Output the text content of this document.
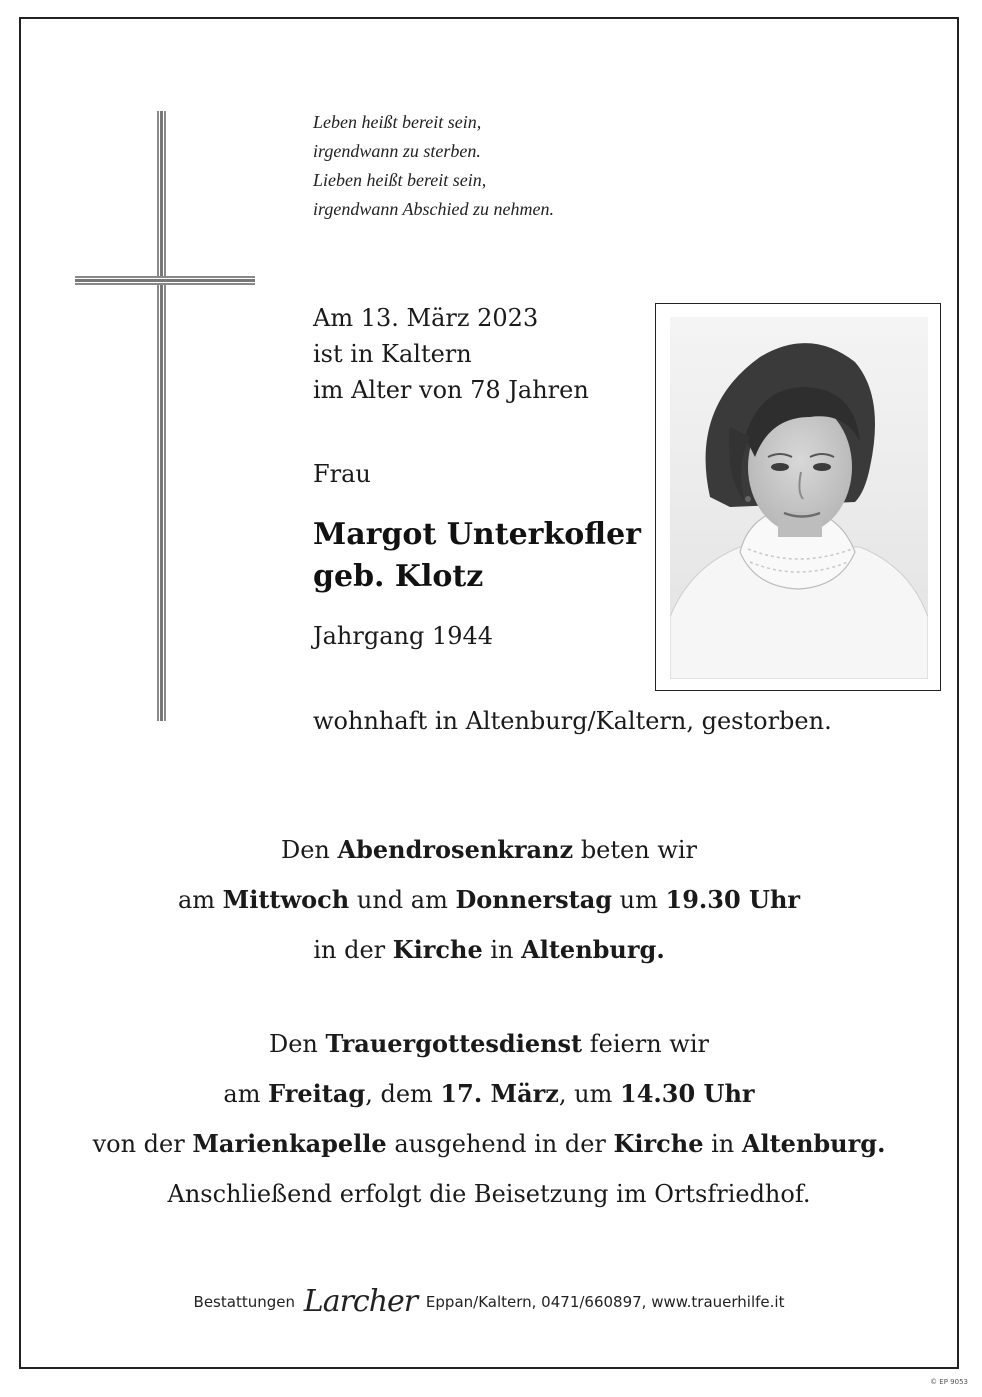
Leben heißt bereit sein,
irgendwann zu sterben.
Lieben heißt bereit sein,
irgendwann Abschied zu nehmen.
Am 13. März 2023
ist in Kaltern
im Alter von 78 Jahren
Frau
Margot Unterkofler
geb. Klotz
Jahrgang 1944
wohnhaft in Altenburg/Kaltern, gestorben.
Den Abendrosenkranz beten wir
am Mittwoch und am Donnerstag um 19.30 Uhr
in der Kirche in Altenburg.
Den Trauergottesdienst feiern wir
am Freitag, dem 17. März, um 14.30 Uhr
von der Marienkapelle ausgehend in der Kirche in Altenburg.
Anschließend erfolgt die Beisetzung im Ortsfriedhof.
Bestattungen Larcher Eppan/Kaltern, 0471/660897, www.trauerhilfe.it
© EP 9053
